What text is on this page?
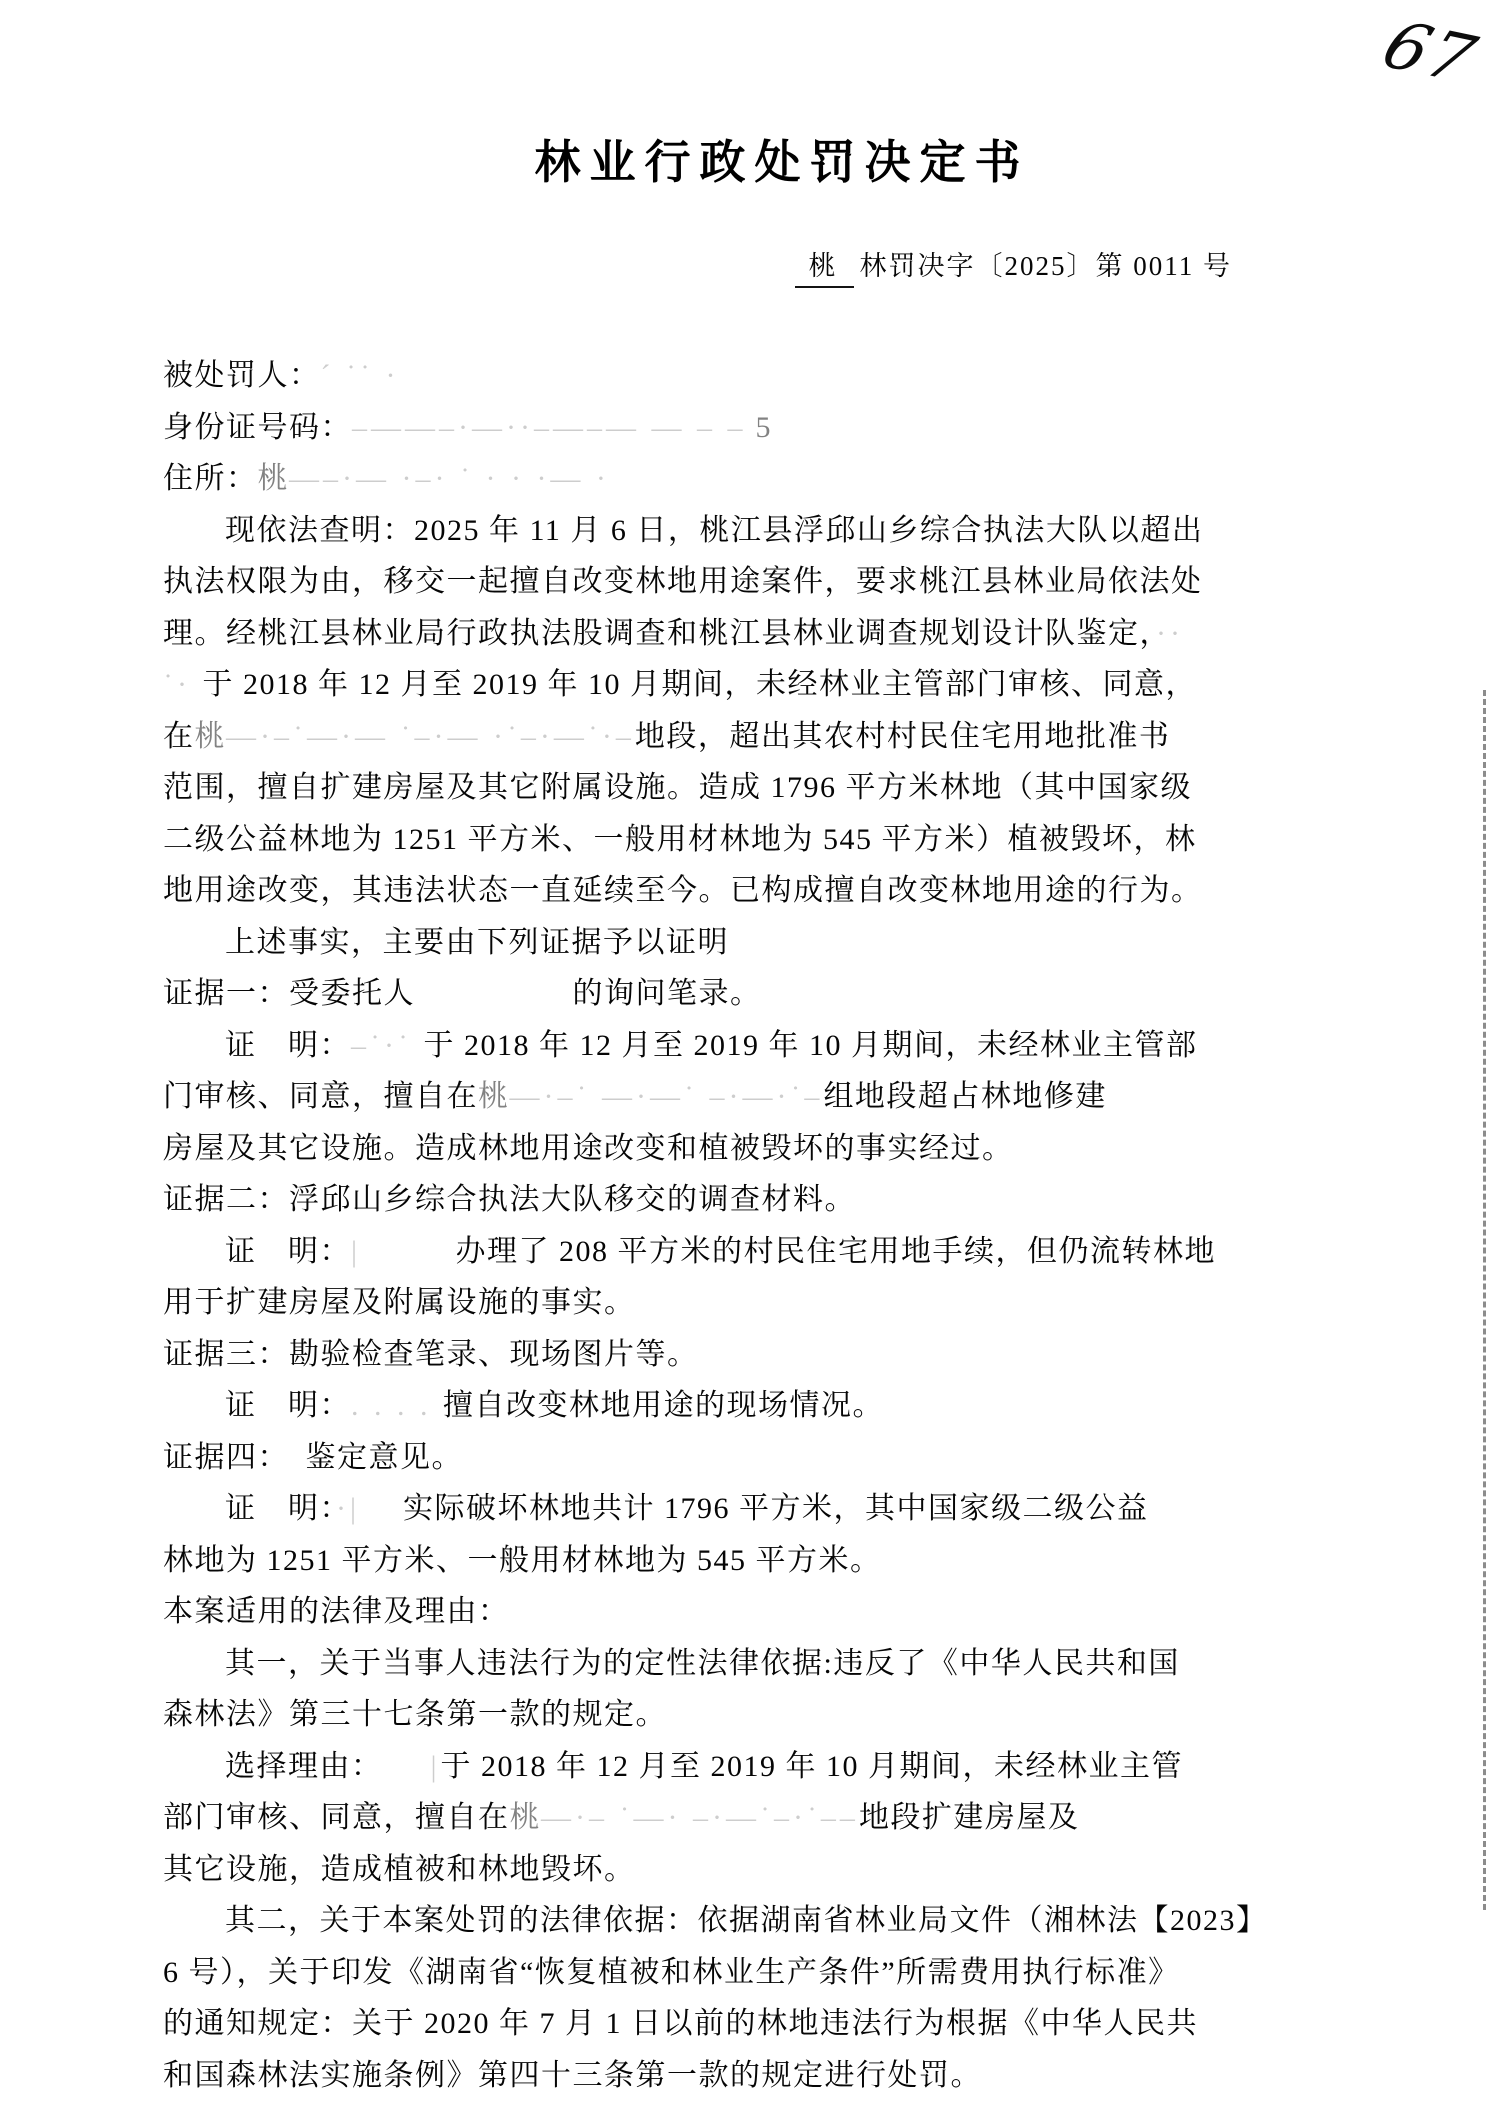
67
林业行政处罚决定书
桃 林罚决字〔2025〕第 0011 号
被处罚人：ˊ ˙˙ ·
身份证号码：–——–·—··–—–— — – – 5
住所：桃—–·— ·–· ˙ · · ·— ·
现依法查明：2025 年 11 月 6 日，桃江县浮邱山乡综合执法大队以超出
执法权限为由，移交一起擅自改变林地用途案件，要求桃江县林业局依法处
理。经桃江县林业局行政执法股调查和桃江县林业调查规划设计队鉴定，··
˙· 于 2018 年 12 月至 2019 年 10 月期间，未经林业主管部门审核、同意，
在桃—·–˙—·— ˙–·— ·˙–·—˙·–地段，超出其农村村民住宅用地批准书
范围，擅自扩建房屋及其它附属设施。造成 1796 平方米林地（其中国家级
二级公益林地为 1251 平方米、一般用材林地为 545 平方米）植被毁坏，林
地用途改变，其违法状态一直延续至今。已构成擅自改变林地用途的行为。
上述事实，主要由下列证据予以证明
证据一：受委托人　　　　　	的询问笔录。
证　明：–˙·˙ 于 2018 年 12 月至 2019 年 10 月期间，未经林业主管部
门审核、同意，擅自在桃—·–˙ —·—˙ –·—·˙–组地段超占林地修建
房屋及其它设施。造成林地用途改变和植被毁坏的事实经过。
证据二：浮邱山乡综合执法大队移交的调查材料。
证　明：|　　　	办理了 208 平方米的村民住宅用地手续，但仍流转林地
用于扩建房屋及附属设施的事实。
证据三：勘验检查笔录、现场图片等。
证　明：. . . . 擅自改变林地用途的现场情况。
证据四：　鉴定意见。
证　明：·| 　实际破坏林地共计 1796 平方米，其中国家级二级公益
林地为 1251 平方米、一般用材林地为 545 平方米。
本案适用的法律及理由：
其一，关于当事人违法行为的定性法律依据:违反了《中华人民共和国
森林法》第三十七条第一款的规定。
选择理由：　　 |于 2018 年 12 月至 2019 年 10 月期间，未经林业主管
部门审核、同意，擅自在桃—·– ˙—· –·—˙–·˙––地段扩建房屋及
其它设施，造成植被和林地毁坏。
其二，关于本案处罚的法律依据：依据湖南省林业局文件（湘林法【2023】
6 号），关于印发《湖南省“恢复植被和林业生产条件”所需费用执行标准》
的通知规定：关于 2020 年 7 月 1 日以前的林地违法行为根据《中华人民共
和国森林法实施条例》第四十三条第一款的规定进行处罚。
